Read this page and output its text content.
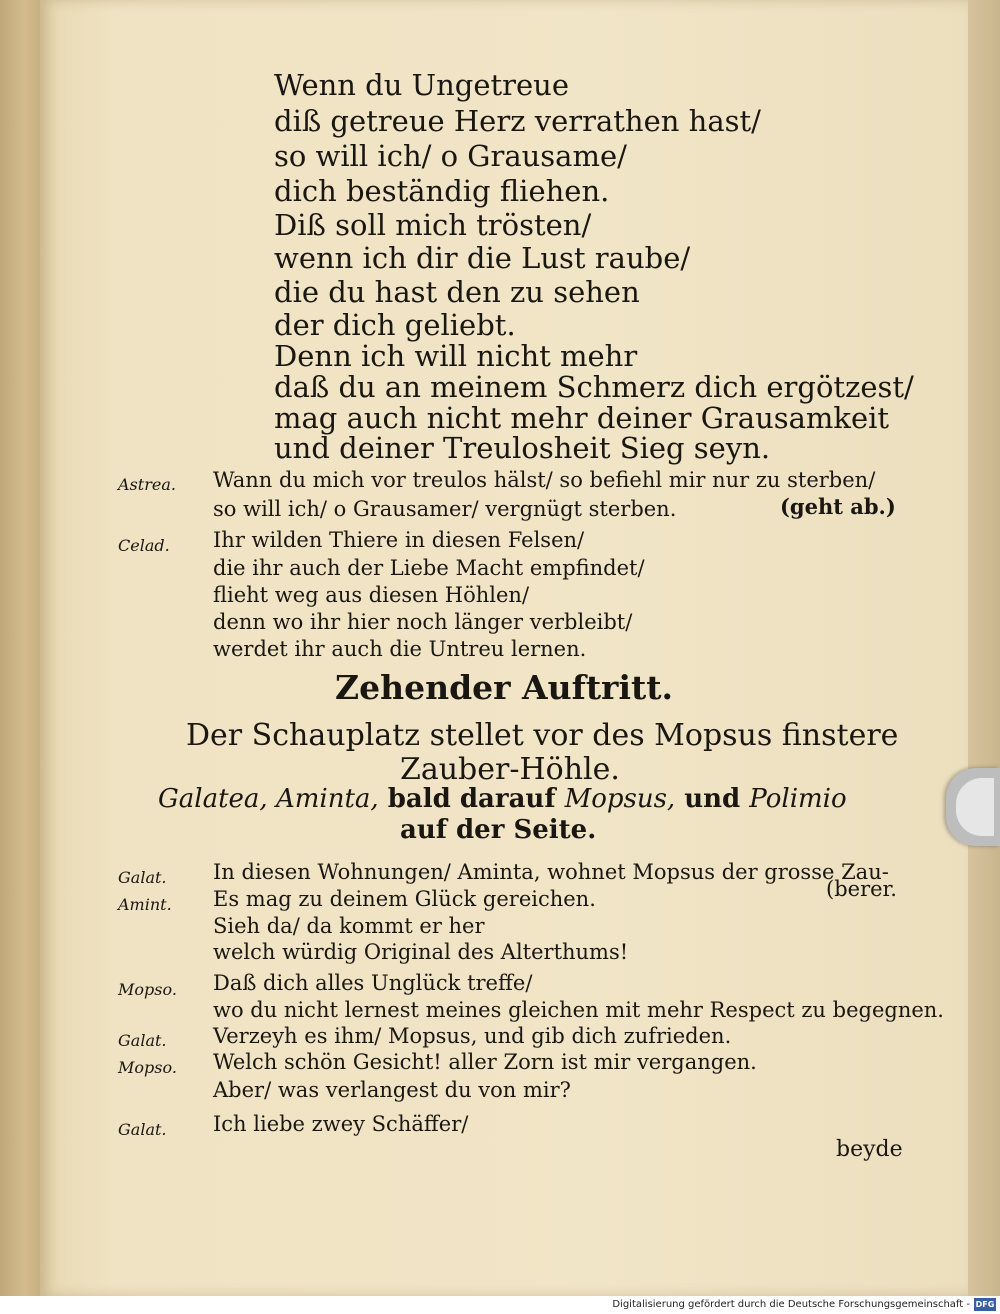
Wenn du Ungetreue
diß getreue Herz verrathen hast/
so will ich/ o Grausame/
dich beständig fliehen.
Diß soll mich trösten/
wenn ich dir die Lust raube/
die du hast den zu sehen
der dich geliebt.
Denn ich will nicht mehr
daß du an meinem Schmerz dich ergötzest/
mag auch nicht mehr deiner Grausamkeit
und deiner Treulosheit Sieg seyn.
Astrea. Wann du mich vor treulos hälst/ so befiehl mir nur zu sterben/
so will ich/ o Grausamer/ vergnügt sterben.	(geht ab.)
Celad. Ihr wilden Thiere in diesen Felsen/
die ihr auch der Liebe Macht empfindet/
flieht weg aus diesen Höhlen/
denn wo ihr hier noch länger verbleibt/
werdet ihr auch die Untreu lernen.
Zehender Auftritt.
Der Schauplatz stellet vor des Mopsus finstere
Zauber-Höhle.
Galatea, Aminta, bald darauf Mopsus, und Polimio
auf der Seite.
Galat. In diesen Wohnungen/ Aminta, wohnet Mopsus der grosse Zau-
(berer.
Amint. Es mag zu deinem Glück gereichen.
Sieh da/ da kommt er her
welch würdig Original des Alterthums!
Mopso. Daß dich alles Unglück treffe/
wo du nicht lernest meines gleichen mit mehr Respect zu begegnen.
Galat. Verzeyh es ihm/ Mopsus, und gib dich zufrieden.
Mopso. Welch schön Gesicht! aller Zorn ist mir vergangen.
Aber/ was verlangest du von mir?
Galat. Ich liebe zwey Schäffer/
beyde
Digitalisierung gefördert durch die Deutsche Forschungsgemeinschaft - DFG
